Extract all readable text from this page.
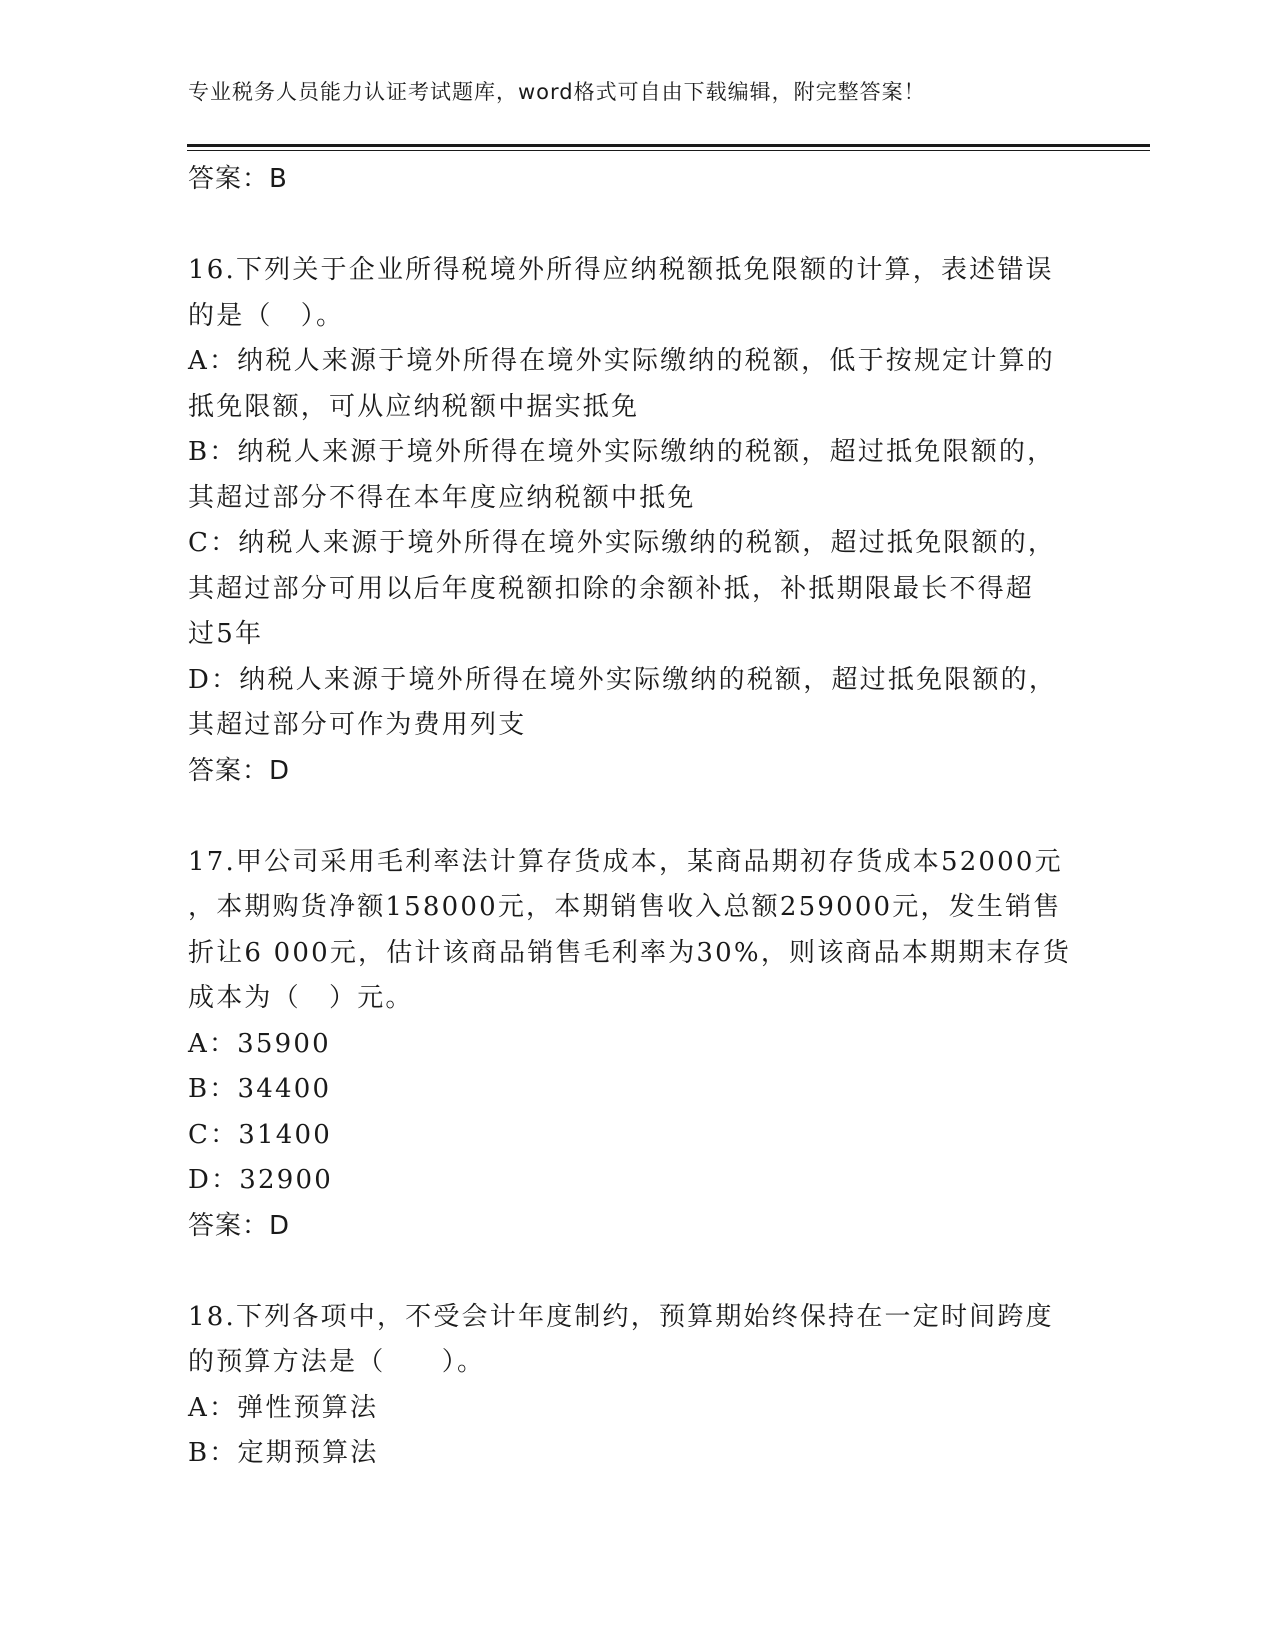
专业税务人员能力认证考试题库，word格式可自由下载编辑，附完整答案！
答案：B
16.下列关于企业所得税境外所得应纳税额抵免限额的计算，表述错误
的是（　）。
A：纳税人来源于境外所得在境外实际缴纳的税额，低于按规定计算的
抵免限额，可从应纳税额中据实抵免
B：纳税人来源于境外所得在境外实际缴纳的税额，超过抵免限额的，
其超过部分不得在本年度应纳税额中抵免
C：纳税人来源于境外所得在境外实际缴纳的税额，超过抵免限额的，
其超过部分可用以后年度税额扣除的余额补抵，补抵期限最长不得超
过5年
D：纳税人来源于境外所得在境外实际缴纳的税额，超过抵免限额的，
其超过部分可作为费用列支
答案：D
17.甲公司采用毛利率法计算存货成本，某商品期初存货成本52000元
，本期购货净额158000元，本期销售收入总额259000元，发生销售
折让6 000元，估计该商品销售毛利率为30%，则该商品本期期末存货
成本为（　）元。
A：35900
B：34400
C：31400
D：32900
答案：D
18.下列各项中，不受会计年度制约，预算期始终保持在一定时间跨度
的预算方法是（　　）。
A：弹性预算法
B：定期预算法
